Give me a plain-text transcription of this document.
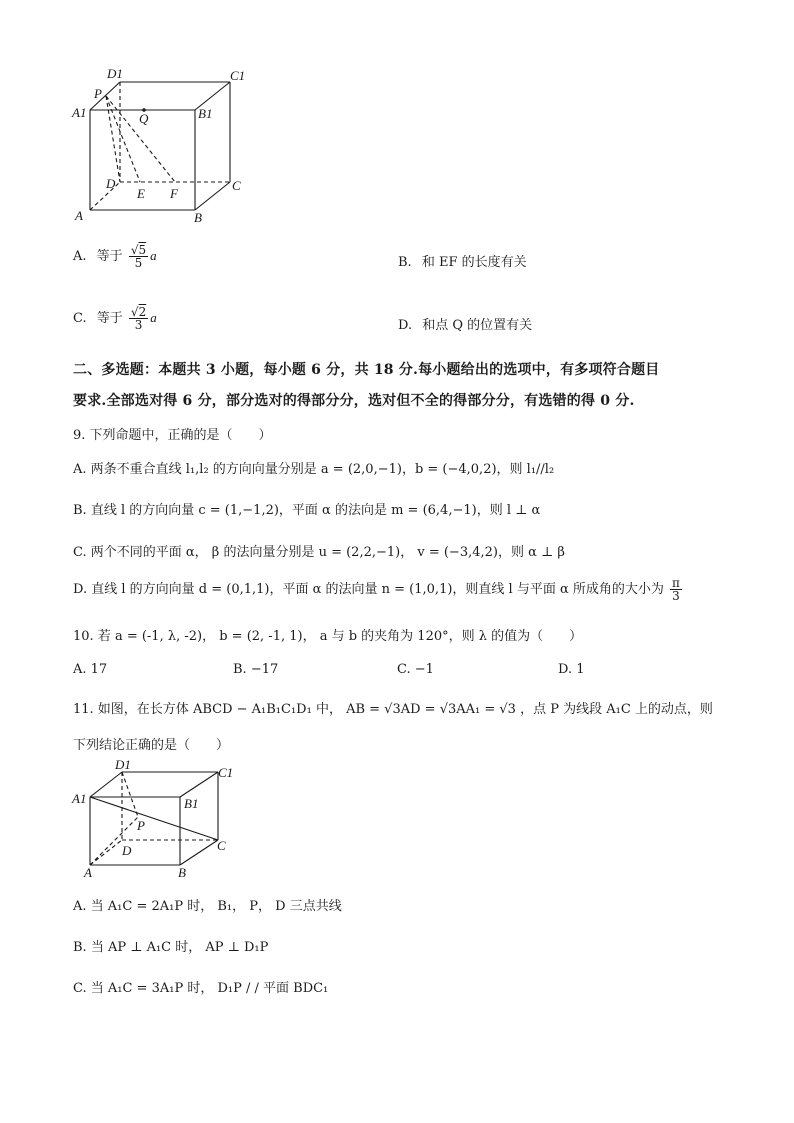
D1	C1
A1	B1
P
Q
D	C
A	B
E F
A. 等于 $\frac{√5}{5}$ a	B. 和 EF 的长度有关
C. 等于 $\frac{√2}{3}$ a
D. 和点 Q 的位置有关
二、多选题：本题共 3 小题，每小题 6 分，共 18 分.每小题给出的选项中，有多项符合题目
要求.全部选对得 6 分，部分选对的得部分分，选对但不全的得部分分，有选错的得 0 分.
9. 下列命题中，正确的是（　　）
A. 两条不重合直线 l₁,l₂ 的方向向量分别是 a = (2,0,−1)，b = (−4,0,2)，则 l₁//l₂
B. 直线 l 的方向向量 c = (1,−1,2)，平面 α 的法向是 m = (6,4,−1)，则 l ⊥ α
C. 两个不同的平面 α， β 的法向量分别是 u = (2,2,−1)， v = (−3,4,2)，则 α ⊥ β
D. 直线 l 的方向向量 d = (0,1,1)，平面 α 的法向量 n = (1,0,1)，则直线 l 与平面 α 所成角的大小为 $\frac{\pi}{3}$
10. 若 a = (-1, λ, -2)， b = (2, -1, 1)， a 与 b 的夹角为 120°，则 λ 的值为（　　）
A. 17	B. −17	C. −1	D. 1
11. 如图，在长方体 ABCD − A₁B₁C₁D₁ 中， AB = √3AD = √3AA₁ = √3 ，点 P 为线段 A₁C 上的动点，则
下列结论正确的是（　　）
D1
C1
A1	B1
P
D	C
A	B
A. 当 A₁C = 2A₁P 时， B₁， P， D 三点共线
B. 当 AP ⊥ A₁C 时， AP ⊥ D₁P
C. 当 A₁C = 3A₁P 时， D₁P / / 平面 BDC₁
